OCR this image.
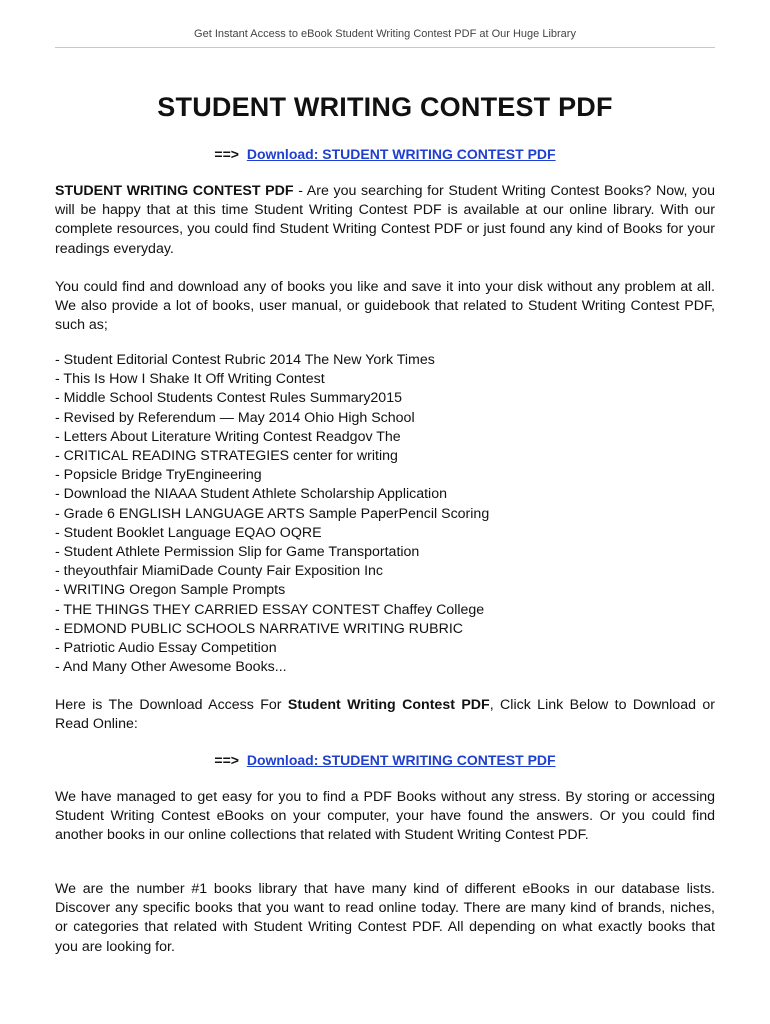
Get Instant Access to eBook Student Writing Contest PDF at Our Huge Library
STUDENT WRITING CONTEST PDF
==> Download: STUDENT WRITING CONTEST PDF

STUDENT WRITING CONTEST PDF - Are you searching for Student Writing Contest Books? Now, you will be happy that at this time Student Writing Contest PDF is available at our online library. With our complete resources, you could find Student Writing Contest PDF or just found any kind of Books for your readings everyday.

You could find and download any of books you like and save it into your disk without any problem at all. We also provide a lot of books, user manual, or guidebook that related to Student Writing Contest PDF, such as;

- Student Editorial Contest Rubric 2014 The New York Times
- This Is How I Shake It Off Writing Contest
- Middle School Students Contest Rules Summary2015
- Revised by Referendum — May 2014 Ohio High School
- Letters About Literature Writing Contest Readgov The
- CRITICAL READING STRATEGIES center for writing
- Popsicle Bridge TryEngineering
- Download the NIAAA Student Athlete Scholarship Application
- Grade 6 ENGLISH LANGUAGE ARTS Sample PaperPencil Scoring
- Student Booklet Language EQAO OQRE
- Student Athlete Permission Slip for Game Transportation
- theyouthfair MiamiDade County Fair Exposition Inc
- WRITING Oregon Sample Prompts
- THE THINGS THEY CARRIED ESSAY CONTEST Chaffey College
- EDMOND PUBLIC SCHOOLS NARRATIVE WRITING RUBRIC
- Patriotic Audio Essay Competition
- And Many Other Awesome Books...

Here is The Download Access For Student Writing Contest PDF, Click Link Below to Download or Read Online:

==> Download: STUDENT WRITING CONTEST PDF

We have managed to get easy for you to find a PDF Books without any stress. By storing or accessing Student Writing Contest eBooks on your computer, your have found the answers. Or you could find another books in our online collections that related with Student Writing Contest PDF.

We are the number #1 books library that have many kind of different eBooks in our database lists. Discover any specific books that you want to read online today. There are many kind of brands, niches, or categories that related with Student Writing Contest PDF. All depending on what exactly books that you are looking for.
